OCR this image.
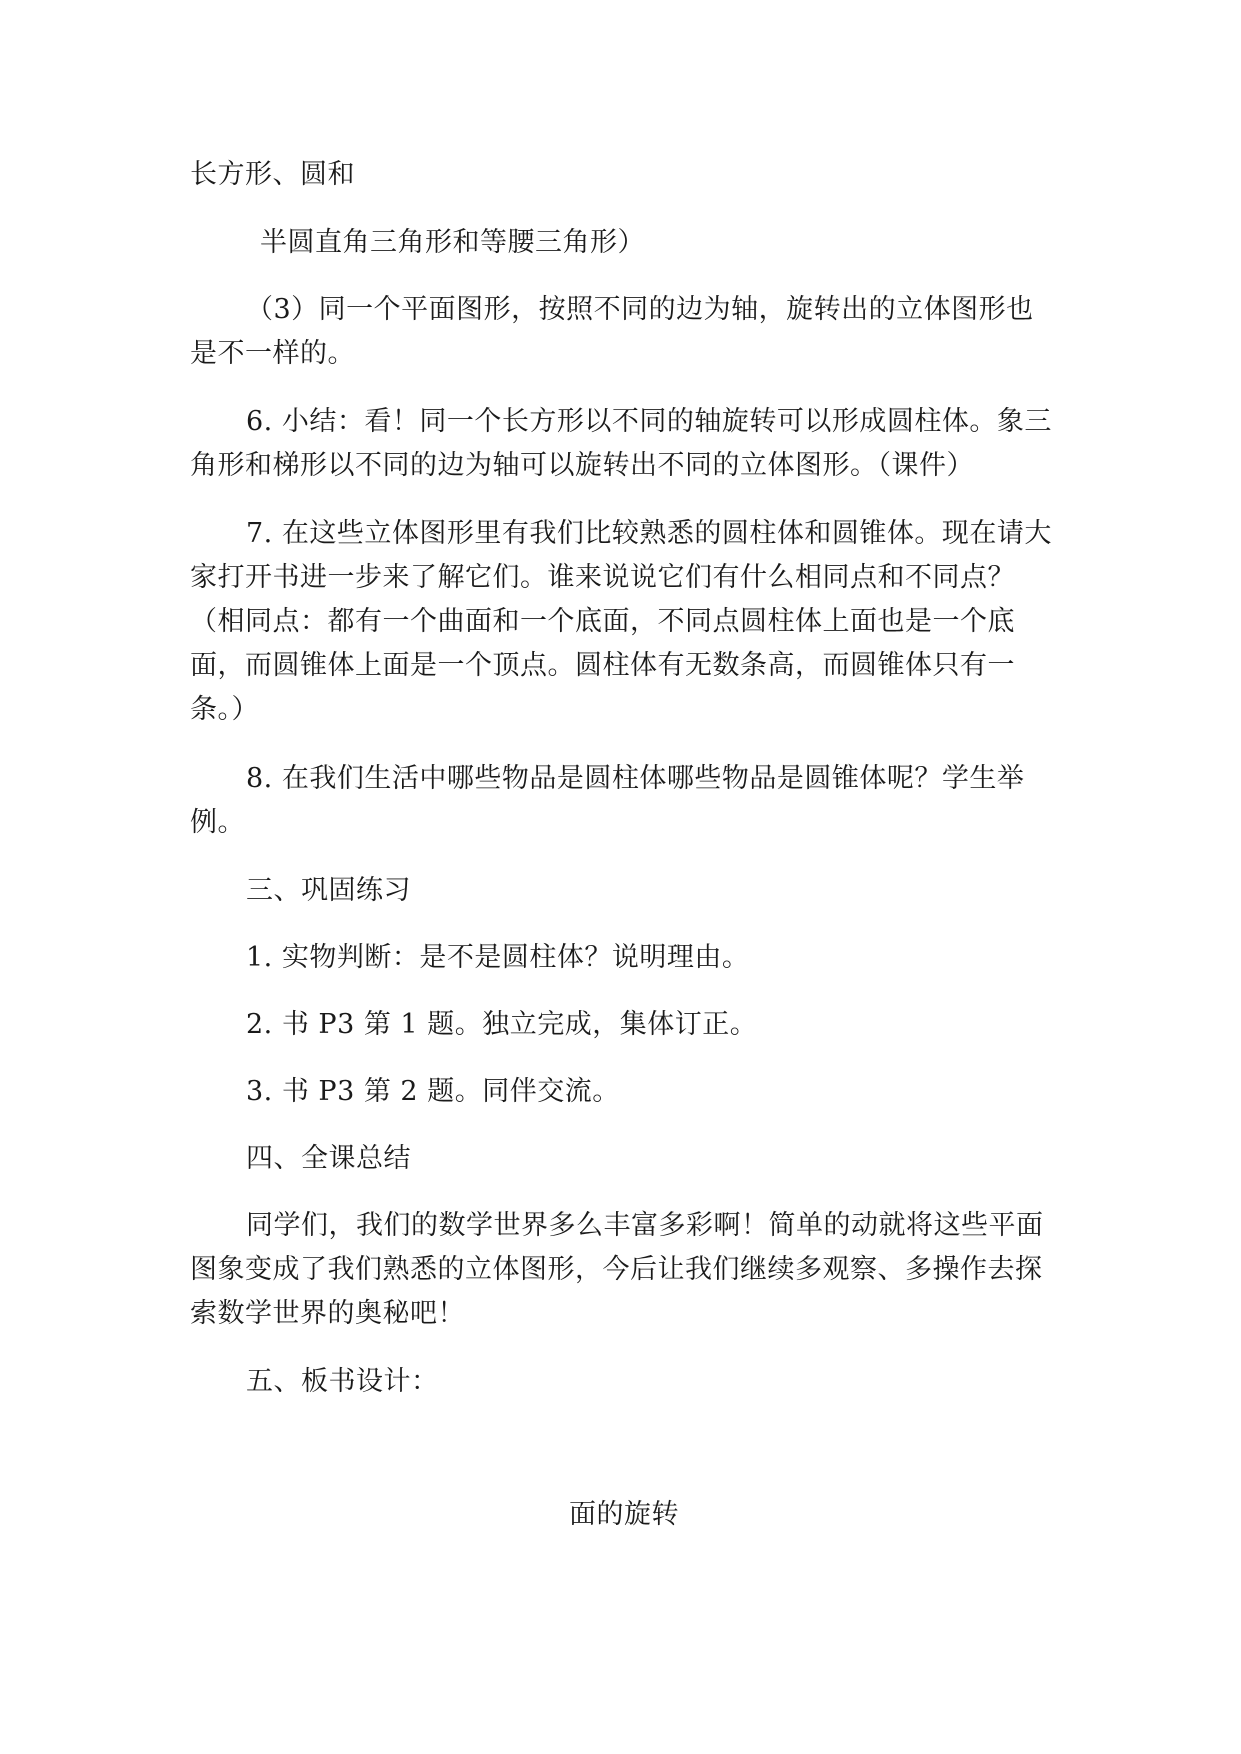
长方形、圆和

半圆直角三角形和等腰三角形）

（3）同一个平面图形，按照不同的边为轴，旋转出的立体图形也是不一样的。

6. 小结：看！同一个长方形以不同的轴旋转可以形成圆柱体。象三角形和梯形以不同的边为轴可以旋转出不同的立体图形。（课件）

7. 在这些立体图形里有我们比较熟悉的圆柱体和圆锥体。现在请大家打开书进一步来了解它们。谁来说说它们有什么相同点和不同点？（相同点：都有一个曲面和一个底面，不同点圆柱体上面也是一个底面，而圆锥体上面是一个顶点。圆柱体有无数条高，而圆锥体只有一条。）

8. 在我们生活中哪些物品是圆柱体哪些物品是圆锥体呢？学生举例。

三、巩固练习

1. 实物判断：是不是圆柱体？说明理由。

2. 书 P3 第 1 题。独立完成，集体订正。

3. 书 P3 第 2 题。同伴交流。

四、全课总结

同学们，我们的数学世界多么丰富多彩啊！简单的动就将这些平面图象变成了我们熟悉的立体图形，今后让我们继续多观察、多操作去探索数学世界的奥秘吧！

五、板书设计：

面的旋转
